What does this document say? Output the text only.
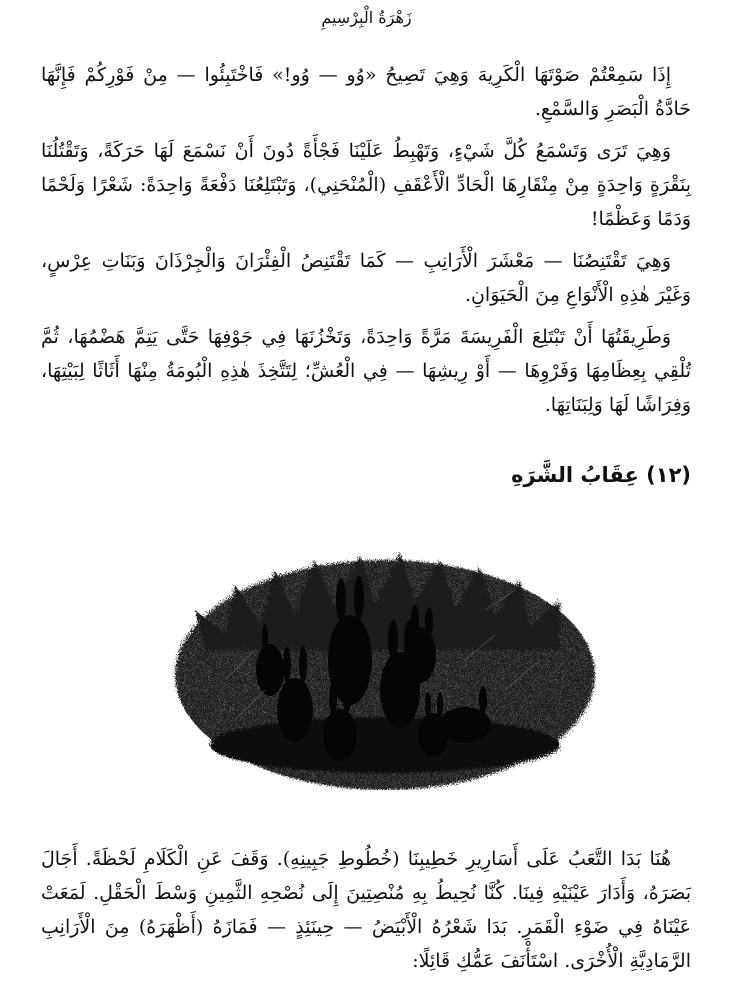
زَهْرَةُ الْبِرْسِيمِ

إِذَا سَمِعْتُمْ صَوْتَهَا الْكَرِيهَ وَهِيَ تَصِيحُ «وُو — وُو!» فَاخْتَبِئُوا — مِنْ فَوْرِكُمْ فَإِنَّهَا حَادَّةُ الْبَصَرِ وَالسَّمْعِ.

وَهِيَ تَرَى وَتَسْمَعُ كُلَّ شَيْءٍ، وَتَهْبِطُ عَلَيْنَا فَجْأَةً دُونَ أَنْ نَسْمَعَ لَهَا حَرَكَةً، وَتَقْتُلُنَا بِنَقْرَةٍ وَاحِدَةٍ مِنْ مِنْقَارِهَا الْحَادِّ الْأَعْقَفِ (الْمُنْحَنِي)، وَتَبْتَلِعُنَا دَفْعَةً وَاحِدَةً: شَعْرًا وَلَحْمًا وَدَمًا وَعَظْمًا!

وَهِيَ تَقْتَنِصُنَا — مَعْشَرَ الْأَرَانِبِ — كَمَا تَقْتَنِصُ الْفِئْرَانَ وَالْجِرْذَانَ وَبَنَاتِ عِرْسٍ، وَغَيْرَ هٰذِهِ الْأَنْوَاعِ مِنَ الْحَيَوَانِ.

وَطَرِيقَتُهَا أَنْ تَبْتَلِعَ الْفَرِيسَةَ مَرَّةً وَاحِدَةً، وَتَخْزُنَهَا فِي جَوْفِهَا حَتَّى يَتِمَّ هَضْمُهَا، ثُمَّ تُلْقِي بِعِظَامِهَا وَفَرْوِهَا — أَوْ رِيشِهَا — فِي الْعُشِّ؛ لِتَتَّخِذَ هٰذِهِ الْبُومَةُ مِنْهَا أَثَاثًا لِبَيْتِهَا، وَفِرَاشًا لَهَا وَلِبَنَاتِهَا.

(١٢) عِقَابُ الشَّرَهِ

هُنَا بَدَا التَّعَبُ عَلَى أَسَارِيرِ خَطِيبِنَا (خُطُوطِ جَبِينِهِ). وَقَفَ عَنِ الْكَلَامِ لَحْظَةً. أَجَالَ بَصَرَهُ، وَأَدَارَ عَيْنَيْهِ فِينَا. كُنَّا نُحِيطُ بِهِ مُنْصِتِينَ إِلَى نُصْحِهِ الثَّمِينِ وَسْطَ الْحَقْلِ. لَمَعَتْ عَيْنَاهُ فِي ضَوْءِ الْقَمَرِ. بَدَا شَعْرُهُ الْأَبْيَضُ — حِينَئِذٍ — فَمَازَهُ (أَظْهَرَهُ) مِنَ الْأَرَانِبِ الرَّمَادِيَّةِ الْأُخْرَى. اسْتَأْنَفَ عَمُّكِ قَائِلًا:
